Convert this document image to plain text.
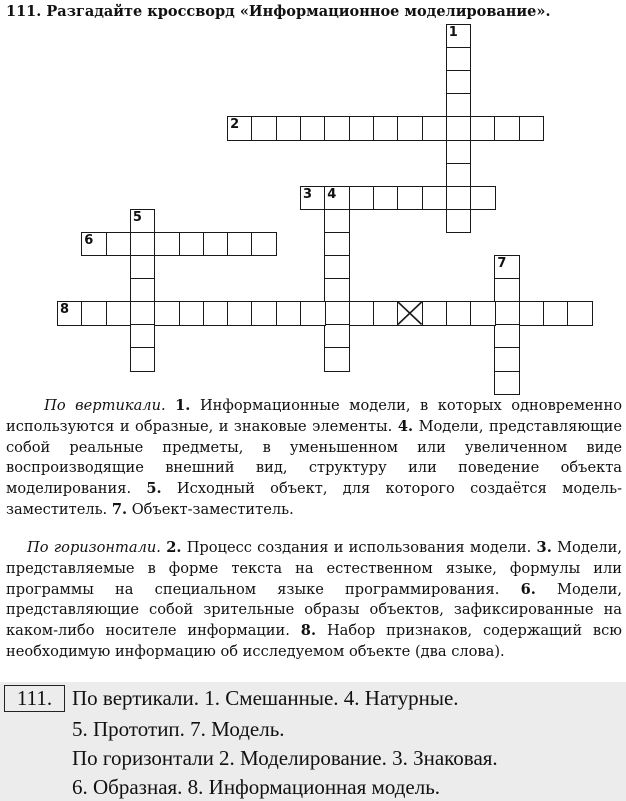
111. Разгадайте кроссворд «Информационное моделирование».
1
2
3 4
5
6
7
8
По вертикали. 1. Информационные модели, в которых одновременно используются и образные, и знаковые элементы. 4. Модели, представляющие собой реальные предметы, в уменьшенном или увеличенном виде воспроизводящие внешний вид, структуру или поведение объекта моделирования. 5. Исходный объект, для которого создаётся модель-заместитель. 7. Объект-заместитель.
По горизонтали. 2. Процесс создания и использования модели. 3. Модели, представляемые в форме текста на естественном языке, формулы или программы на специальном языке программирования. 6. Модели, представляющие собой зрительные образы объектов, зафиксированные на каком-либо носителе информации. 8. Набор признаков, содержащий всю необходимую информацию об исследуемом объекте (два слова).
111. По вертикали. 1. Смешанные. 4. Натурные.
5. Прототип. 7. Модель.
По горизонтали 2. Моделирование. 3. Знаковая.
6. Образная. 8. Информационная модель.
